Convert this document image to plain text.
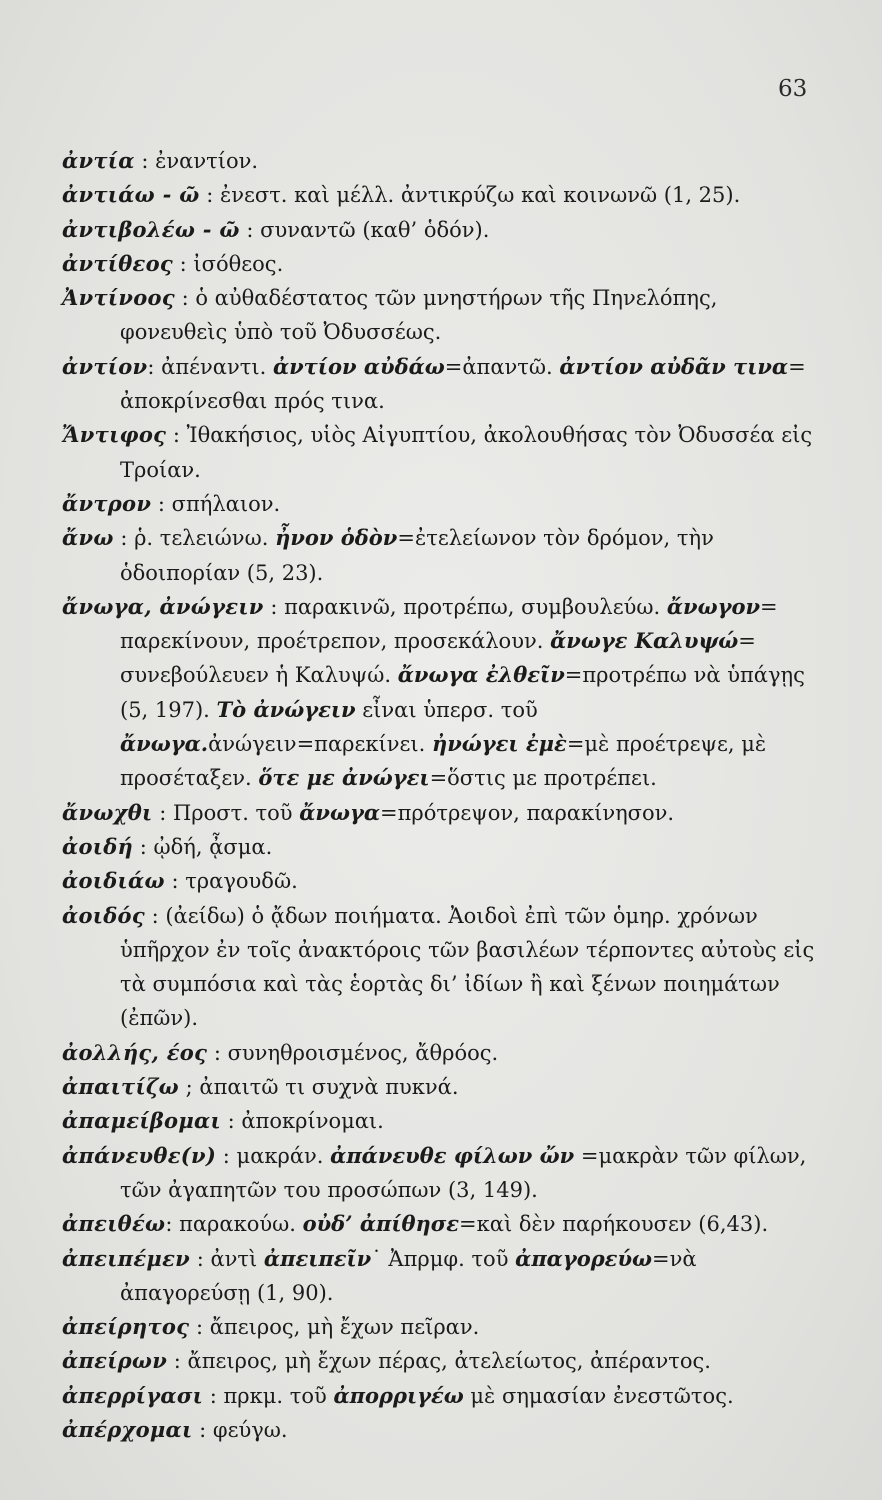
63

ἀντία : ἐναντίον.

ἀντιάω - ῶ : ἐνεστ. καὶ μέλλ. ἀντικρύζω καὶ κοινωνῶ (1, 25).

ἀντιβολέω - ῶ : συναντῶ (καθ’ ὁδόν).

ἀντίθεος : ἰσόθεος.

Ἀντίνοος : ὁ αὐθαδέστατος τῶν μνηστήρων τῆς Πηνελόπης, φονευθεὶς ὑπὸ τοῦ Ὀδυσσέως.

ἀντίον: ἀπέναντι. ἀντίον αὐδάω=ἀπαντῶ. ἀντίον αὐδᾶν τινα= ἀποκρίνεσθαι πρός τινα.

Ἄντιφος : Ἰθακήσιος, υἱὸς Αἰγυπτίου, ἀκολουθήσας τὸν Ὀδυσσέα εἰς Τροίαν.

ἄντρον : σπήλαιον.

ἄνω : ῥ. τελειώνω. ἦνον ὁδὸν=ἐτελείωνον τὸν δρόμον, τὴν ὁδοιπορίαν (5, 23).

ἄνωγα, ἀνώγειν : παρακινῶ, προτρέπω, συμβουλεύω. ἄνωγον= παρεκίνουν, προέτρεπον, προσεκάλουν. ἄνωγε Καλυψώ= συνεβούλευεν ἡ Καλυψώ. ἄνωγα ἐλθεῖν=προτρέπω νὰ ὑπάγῃς (5, 197). Τὸ ἀνώγειν εἶναι ὑπερσ. τοῦ ἄνωγα.ἀνώγειν=παρεκίνει. ἠνώγει ἐμὲ=μὲ προέτρεψε, μὲ προσέταξεν. ὅτε με ἀνώγει=ὅστις με προτρέπει.

ἄνωχθι : Προστ. τοῦ ἄνωγα=πρότρεψον, παρακίνησον.

ἀοιδή : ᾠδή, ᾆσμα.

ἀοιδιάω : τραγουδῶ.

ἀοιδός : (ἀείδω) ὁ ᾄδων ποιήματα. Ἀοιδοὶ ἐπὶ τῶν ὁμηρ. χρόνων ὑπῆρχον ἐν τοῖς ἀνακτόροις τῶν βασιλέων τέρποντες αὐτοὺς εἰς τὰ συμπόσια καὶ τὰς ἑορτὰς δι’ ἰδίων ἢ καὶ ξένων ποιημάτων (ἐπῶν).

ἀολλής, έος : συνηθροισμένος, ἄθρόος.

ἀπαιτίζω ; ἀπαιτῶ τι συχνὰ πυκνά.

ἀπαμείβομαι : ἀποκρίνομαι.

ἀπάνευθε(ν) : μακράν. ἀπάνευθε φίλων ὤν =μακρὰν τῶν φίλων, τῶν ἀγαπητῶν του προσώπων (3, 149).

ἀπειθέω: παρακούω. οὐδ’ ἀπίθησε=καὶ δὲν παρήκουσεν (6,43).

ἀπειπέμεν : ἀντὶ ἀπειπεῖν˙ Ἀπρμφ. τοῦ ἀπαγορεύω=νὰ ἀπαγορεύσῃ (1, 90).

ἀπείρητος : ἄπειρος, μὴ ἔχων πεῖραν.

ἀπείρων : ἄπειρος, μὴ ἔχων πέρας, ἀτελείωτος, ἀπέραντος.

ἀπερρίγασι : πρκμ. τοῦ ἀπορριγέω μὲ σημασίαν ἐνεστῶτος.

ἀπέρχομαι : φεύγω.
